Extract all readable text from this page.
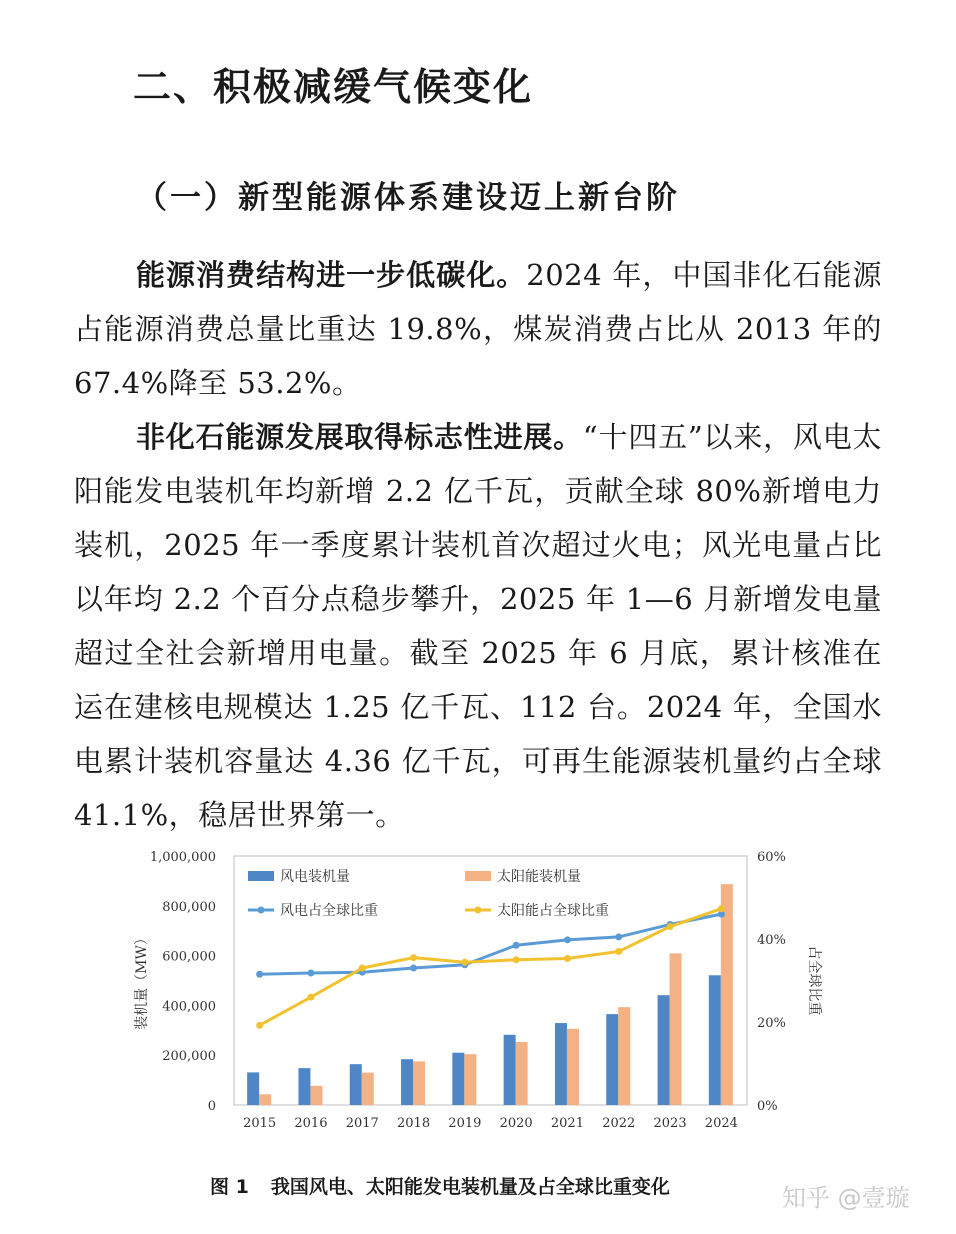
二、积极减缓气候变化
（一）新型能源体系建设迈上新台阶

能源消费结构进一步低碳化。2024 年，中国非化石能源占能源消费总量比重达 19.8%，煤炭消费占比从 2013 年的 67.4%降至 53.2%。

非化石能源发展取得标志性进展。“十四五”以来，风电太阳能发电装机年均新增 2.2 亿千瓦，贡献全球 80%新增电力装机，2025 年一季度累计装机首次超过火电；风光电量占比以年均 2.2 个百分点稳步攀升，2025 年 1—6 月新增发电量超过全社会新增用电量。截至 2025 年 6 月底，累计核准在运在建核电规模达 1.25 亿千瓦、112 台。2024 年，全国水电累计装机容量达 4.36 亿千瓦，可再生能源装机量约占全球 41.1%，稳居世界第一。

0
200,000
400,000
600,000
800,000
1,000,000
0%
20%
40%
60%
装机量（MW）	占全球比重
2015 2016 2017 2018 2019 2020 2021 2022 2023 2024
风电装机量	太阳能装机量
风电占全球比重	太阳能占全球比重
图 1 我国风电、太阳能发电装机量及占全球比重变化	知乎 @壹璇
